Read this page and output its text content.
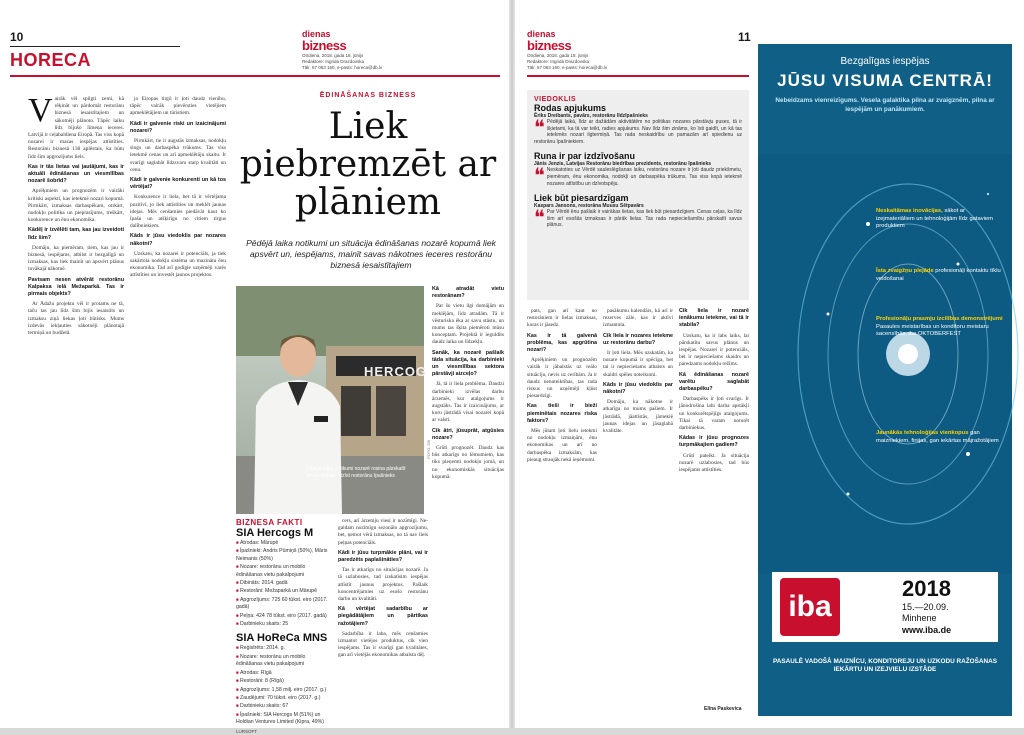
10
HORECA
dienas
bizness
Otrdiena, 2018. gada 18. jūnijs
Redaktore: Ingrida Drazdovska
Tālr. 67 063 160, e-pasts: horeca@db.lv
V airāk vēl spilgti zemi, kā rēķināt un pārdomāt restorānu biznesā iesaistītajiem un sākotnēji plānoto. Tāpēc laiku līdz bijušo līmeņa ieceres. Latvijā ir ceļabaldiena Eiropā. Tas viss kopā nozarei ir mazas iespējas attīstīties. Restorānu biznesā 138 aplēstais, ka būtu līdz šim apgrozījums liels.

Kas ir tās lietas vai jautājumi, kas ir aktuāli ēdināšanas un viesmīlības nozarē šobrīd?

Aprēķiniem un prognozēm ir vairāki kritiski aspekti, kas ietekmē nozari kopumā. Pirmkārt, izmaksas darbaspēkam, otrkārt, nodokļu politika un pieprasījums, treškārt, konkurence un ēnu ekonomika.

Kādēļ ir izvēlēti tam, kas jau izveidoti līdz šim?

Domāju, ka piemēram, tiem, kas jau ir biznesā, iespējams, atbilst ir bezgalīgā un izmaksas, kas liek mainīt un apsvērt plānus tuvākajā nākotnē.

Pavisam nesen atvērāt restorānu Kalpaksa ielā Mežaparkā. Tas ir pirmais objekts?

Ar Ādažu projektu vēl ir protams ne tā, taču tas jau līdz šim bijis iesaistīts un izmaksu ziņā liekas ļoti būtisks. Mums izdevās iekļauties sākotnēji plānotajā termiņā un budžetā.

jo Eiropas tirgū ir ļoti daudz vienību, tāpēc vairāk pievērsties vietējiem apmeklētājiem un tūristiem.

Kādi ir galvenie riski un izaicinājumi nozarei?

Pirmkārt, tie ir augstās izmaksas, nodokļu slogs un darbaspēka trūkums. Tas viss ietekmē cenas un arī apmeklētāju skaitu. Ir svarīgi saglabāt līdzsvaru starp kvalitāti un cenu.

Kādi ir galvenie konkurenti un kā tos vērtējat?

Konkurence ir liela, bet tā ir vērtējama pozitīvi, jo liek attīstīties un meklēt jaunas idejas. Mēs cenšamies piedāvāt kaut ko īpašu un atšķirīgu no citiem tirgus dalībniekiem.

Kāds ir jūsu viedoklis par nozares nākotni?

Uzskatu, ka nozarei ir potenciāls, ja tiek sakārtota nodokļu sistēma un mazināta ēnu ekonomika. Tad arī godīgie uzņēmēji varēs attīstīties un investēt jaunos projektos.

ĒDINĀŠANAS BIZNESS
Liek piebremzēt ar plāniem
Pēdējā laika notikumi un situācija ēdināšanas nozarē kopumā liek apsvērt un, iespējams, mainīt savas nākotnes ieceres restorānu biznesā iesaistītajiem
HERCOG
Pēdējā laika notikumi nozarē rosina pārskatīt savus plānus, atzīst restorānu īpašnieks
FOTO: DB

Kā atradāt vietu restorānam?

Par šo vietu ilgi domājām un meklējām, līdz atradām. Tā ir vēsturiska ēka ar savu stāstu, un mums tas šķita piemēroti mūsu konceptam. Projektā ir ieguldīts daudz laika un līdzekļu.

Sanāk, ka nozarē pašlaik tāda situācija, ka darbinieki un viesmīlības sektora pārstāvji aizceļo?

Jā, tā ir liela problēma. Daudzi darbinieki izvēlas darbu ārzemēs, kur atalgojums ir augstāks. Tas ir izaicinājums, ar kuru jāstrādā visai nozarei kopā ar valsti.

Cik ātri, jūsuprāt, atgūsies nozare?

Grūti prognozēt. Daudz kas būs atkarīgs no lēmumiem, kas tiks pieņemti nodokļu jomā, un no ekonomiskās situācijas kopumā.

BIZNESA FAKTI
SIA Hercogs M
■ Atrodas: Mārupē
■ Īpašnieki: Andris Pūmiņš (50%), Māris Neimanis (50%)
■ Nozare: restorānu un mobilo ēdināšanas vietu pakalpojumi
■ Dibināts: 2014. gadā
■ Restorāni: Mežaparkā un Mārupē
■ Apgrozījums: 725 60 tūkst. eiro (2017. gadā)
■ Peļņa: 424 78 tūkst. eiro (2017. gadā)
■ Darbinieku skaits: 25
SIA HoReCa MNS
■ Reģistrēts: 2014. g.
■ Nozare: restorānu un mobilo ēdināšanas vietu pakalpojumi
■ Atrodas: Rīgā
■ Restorāni: 8 (Rīgā)
■ Apgrozījums: 1,58 milj. eiro (2017. g.)
■ Zaudējumi: 70 tūkst. eiro (2017. g.)
■ Darbinieku skaits: 67
■ Īpašnieki: SIA Hercogs M (51%) un Holdian Ventures Limited (Kipra, 49%)
LURSOFT

cers, arī ārzemju viesi ir nozīmīgi. Ne-gaidam nozīmīgu sezonālo apgrozījumu, bet, ņemot vērā izmaksas, no tā nav liels peļņas potenciāls.

Kādi ir jūsu turpmākie plāni, vai ir paredzēts paplašināties?

Tas ir atkarīgs no situācijas nozarē. Ja tā uzlabosies, tad izskatīsim iespējas attīstīt jaunus projektus. Pašlaik koncentrējamies uz esošo restorānu darbu un kvalitāti.

Kā vērtējat sadarbību ar piegādātājiem un pārtikas ražotājiem?

Sadarbība ir laba, mēs cenšamies izmantot vietējos produktus, cik vien iespējams. Tas ir svarīgi gan kvalitātes, gan arī vietējās ekonomikas atbalsta dēļ.

dienas
bizness
Otrdiena, 2018. gada 18. jūnijs
Redaktore: Ingrida Drazdovska
Tālr. 67 063 160, e-pasts: horeca@db.lv
11
VIEDOKLIS
Rodas apjukums
Ēriks Dreibants, pavārs, restorānu līdzīpašnieks
❝ Pēdējā laikā, līdz ar dažādām aktivitātēm no politikas nozares pārstāvju puses, tā ir šķietami, ka tā var teikt, radies apjukums. Nav līdz šim zināms, ko īsti gaidīt, un kā tas ietekmēs nozari ilgtermiņā. Tas rada neskaidrību un pamazām arī spiedienu uz restorānu īpašniekiem.
Runa ir par izdzīvošanu
Jānis Jenzis, Latvijas Restorānu biedrības prezidents, restorānu īpašnieks
❝ Neskatoties uz Vērdē sauleslēgšanas laiku, restorānu nozare ir ļoti daudz priekšmetu, piemēram, ēnu ekonomika, nodokļi un darbaspēka trūkums. Tas viss kopā ietekmē nozares attīstību un dzīvotspēju.
Liek būt piesardzīgam
Kaspars Jansons, restorāna Muusu Sētpavārs
❝ Par Vērdē ēnu pašlaik ir vairākas lietas, kas liek būt piesardzīgiem. Cenas ceļas, ka līdz šim arī esošās izmaksas ir pārāk lielas. Tas rada nepieciešamību pārskatīt savus plānus.

pats, gan arī kaut no restorāniem ir lielas izmaksas, kuras ir jāsedz.

Kas ir tā galvenā problēma, kas apgrūtina nozari?

Aprēķiniem un prognozēm vairāk ir jābalstās uz reālo situāciju, nevis uz cerībām. Ja ir daudz nenoteiktības, tas rada riskus un uzņēmēji kļūst piesardzīgi.

Kas tieši ir bieži pieminētais nozares riska faktors?

Mēs jūtam ļoti lielu ietekmi no nodokļu izmaiņām, ēnu ekonomikas un arī no darbaspēka izmaksām, kas pieaug straujāk nekā ieņēmumi.

pasākumu kalendārs, kā arī ir rezerves zāle, kas ir aktīvi izmantota.

Cik liela ir nozares ietekme uz restorānu darbu?

Ir ļoti liela. Mēs uzskatām, ka nozare kopumā ir spēcīga, bet tai ir nepieciešams atbalsts un skaidri spēles noteikumi.

Kāds ir jūsu viedoklis par nākotni?

Domāju, ka nākotne ir atkarīga no mums pašiem. Ir jāstrādā, jāattīstās, jāmeklē jaunas idejas un jāsaglabā kvalitāte.

Cik liela ir nozarē ienākumu ietekme, vai tā ir stabila?

Uzskatu, ka ir labs laiks, lai pārskatītu savus plānus un iespējas. Nozarei ir potenciāls, bet ir nepieciešams skaidrs un paredzams nodokļu režīms.

Kā ēdināšanas nozarē varētu saglabāt darbaspēku?

Darbaspēks ir ļoti svarīgs. Ir jānodrošina labi darba apstākļi un konkurētspējīgs atalgojums. Tikai tā varam noturēt darbiniekus.

Kādas ir jūsu prognozes turpmākajiem gadiem?

Grūti pateikt. Ja situācija nozarē uzlabosies, tad būs iespējams attīstīties.

Elīna Paskevica
Bezgalīgas iespējas
JŪSU VISUMA CENTRĀ!
Nebeidzams vienreizīgums. Vesela galaktika pilna ar zvaigznēm, pilna ar iespējām un panākumiem.
Neskaitāmas inovācijas, sākot ar izejmateriāliem un tehnoloģijām līdz gataviem produktiem
Īsta zvaigžņu plejāde profesionāļi kontaktu tīklu veidošanai
Profesionāļu prasmju izcilības demonstrējumi Pasaules meistarības un konditoru meistaru sacensībās, iba.OKTOBERFEST
Jaunākās tehnoloģijas vienkopus gan maizniekiem, finijas, gan iekārtas mājražotājiem
iba
2018
15.—20.09.
Minhene
www.iba.de
PASAULĒ VADOŠĀ MAIZNĪCU, KONDITOREJU UN UZKODU RAŽOŠANAS IEKĀRTU UN IZEJVIELU IZSTĀDE
